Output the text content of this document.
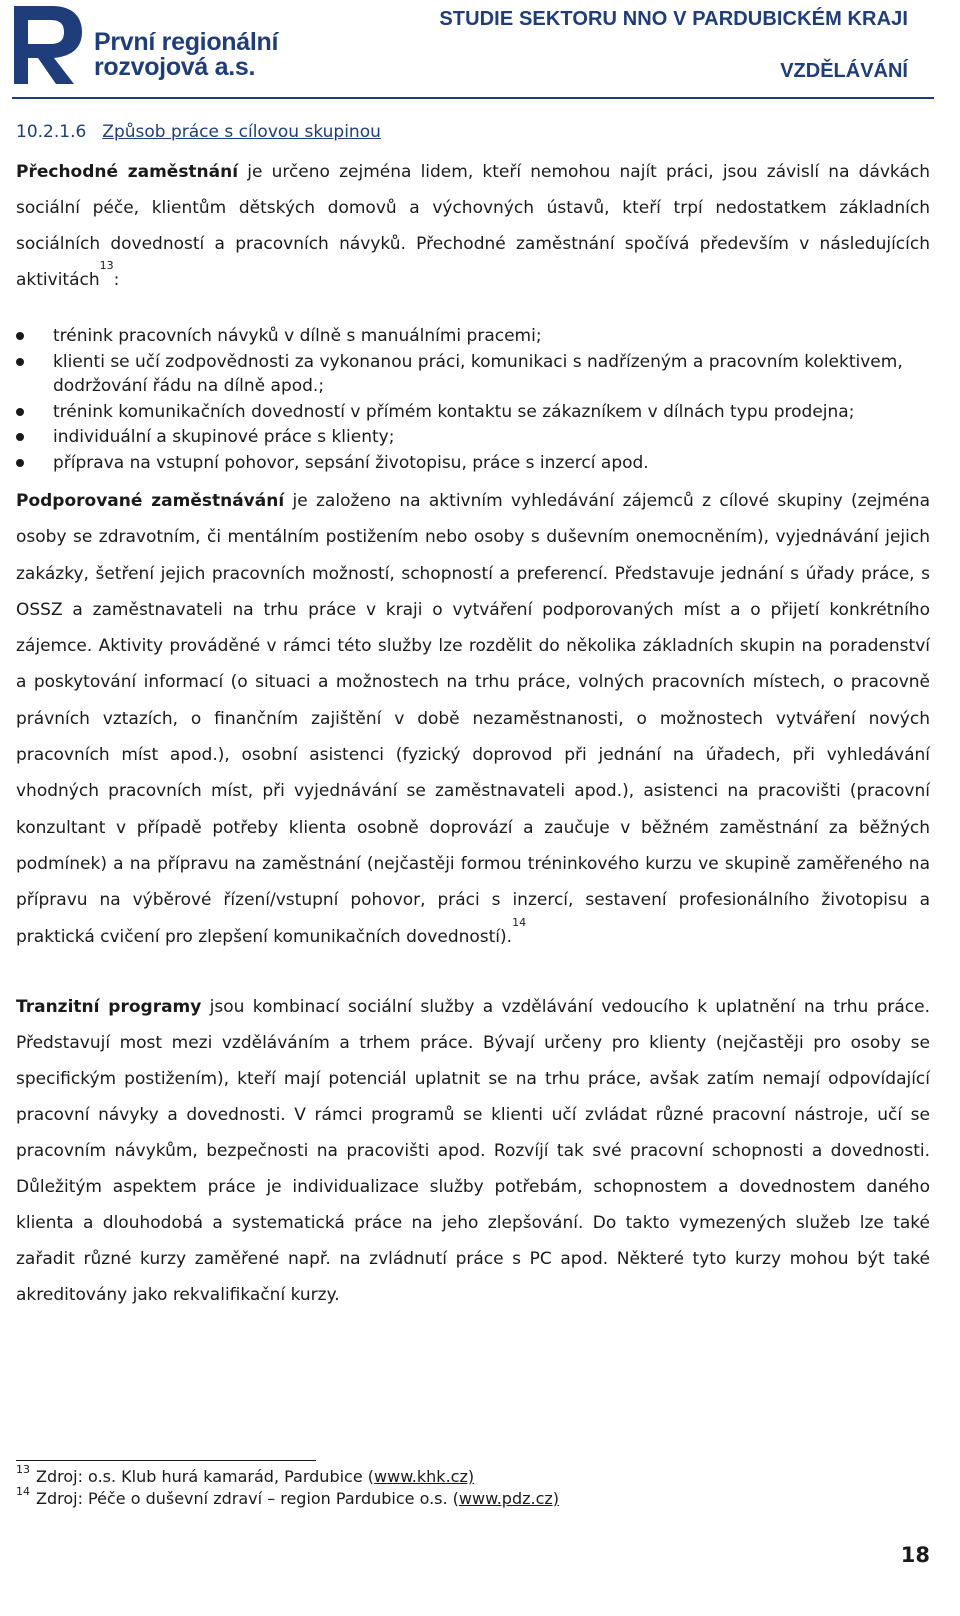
První regionální
rozvojová a.s.
STUDIE SEKTORU NNO V PARDUBICKÉM KRAJI
VZDĚLÁVÁNÍ
10.2.1.6 Způsob práce s cílovou skupinou

Přechodné zaměstnání je určeno zejména lidem, kteří nemohou najít práci, jsou závislí na dávkách sociální péče, klientům dětských domovů a výchovných ústavů, kteří trpí nedostatkem základních sociálních dovedností a pracovních návyků. Přechodné zaměstnání spočívá především v následujících aktivitách$^{13}$:

trénink pracovních návyků v dílně s manuálními pracemi;
klienti se učí zodpovědnosti za vykonanou práci, komunikaci s nadřízeným a pracovním kolektivem, dodržování řádu na dílně apod.;
trénink komunikačních dovedností v přímém kontaktu se zákazníkem v dílnách typu prodejna;
individuální a skupinové práce s klienty;
příprava na vstupní pohovor, sepsání životopisu, práce s inzercí apod.

Podporované zaměstnávání je založeno na aktivním vyhledávání zájemců z cílové skupiny (zejména osoby se zdravotním, či mentálním postižením nebo osoby s duševním onemocněním), vyjednávání jejich zakázky, šetření jejich pracovních možností, schopností a preferencí. Představuje jednání s úřady práce, s OSSZ a zaměstnavateli na trhu práce v kraji o vytváření podporovaných míst a o přijetí konkrétního zájemce. Aktivity prováděné v rámci této služby lze rozdělit do několika základních skupin na poradenství a poskytování informací (o situaci a možnostech na trhu práce, volných pracovních místech, o pracovně právních vztazích, o finančním zajištění v době nezaměstnanosti, o možnostech vytváření nových pracovních míst apod.), osobní asistenci (fyzický doprovod při jednání na úřadech, při vyhledávání vhodných pracovních míst, při vyjednávání se zaměstnavateli apod.), asistenci na pracovišti (pracovní konzultant v případě potřeby klienta osobně doprovází a zaučuje v běžném zaměstnání za běžných podmínek) a na přípravu na zaměstnání (nejčastěji formou tréninkového kurzu ve skupině zaměřeného na přípravu na výběrové řízení/vstupní pohovor, práci s inzercí, sestavení profesionálního životopisu a praktická cvičení pro zlepšení komunikačních dovedností).$^{14}$

Tranzitní programy jsou kombinací sociální služby a vzdělávání vedoucího k uplatnění na trhu práce. Představují most mezi vzděláváním a trhem práce. Bývají určeny pro klienty (nejčastěji pro osoby se specifickým postižením), kteří mají potenciál uplatnit se na trhu práce, avšak zatím nemají odpovídající pracovní návyky a dovednosti. V rámci programů se klienti učí zvládat různé pracovní nástroje, učí se pracovním návykům, bezpečnosti na pracovišti apod. Rozvíjí tak své pracovní schopnosti a dovednosti. Důležitým aspektem práce je individualizace služby potřebám, schopnostem a dovednostem daného klienta a dlouhodobá a systematická práce na jeho zlepšování. Do takto vymezených služeb lze také zařadit různé kurzy zaměřené např. na zvládnutí práce s PC apod. Některé tyto kurzy mohou být také akreditovány jako rekvalifikační kurzy.

$^{13}$ Zdroj: o.s. Klub hurá kamarád, Pardubice (www.khk.cz)
$^{14}$ Zdroj: Péče o duševní zdraví – region Pardubice o.s. (www.pdz.cz)
18
